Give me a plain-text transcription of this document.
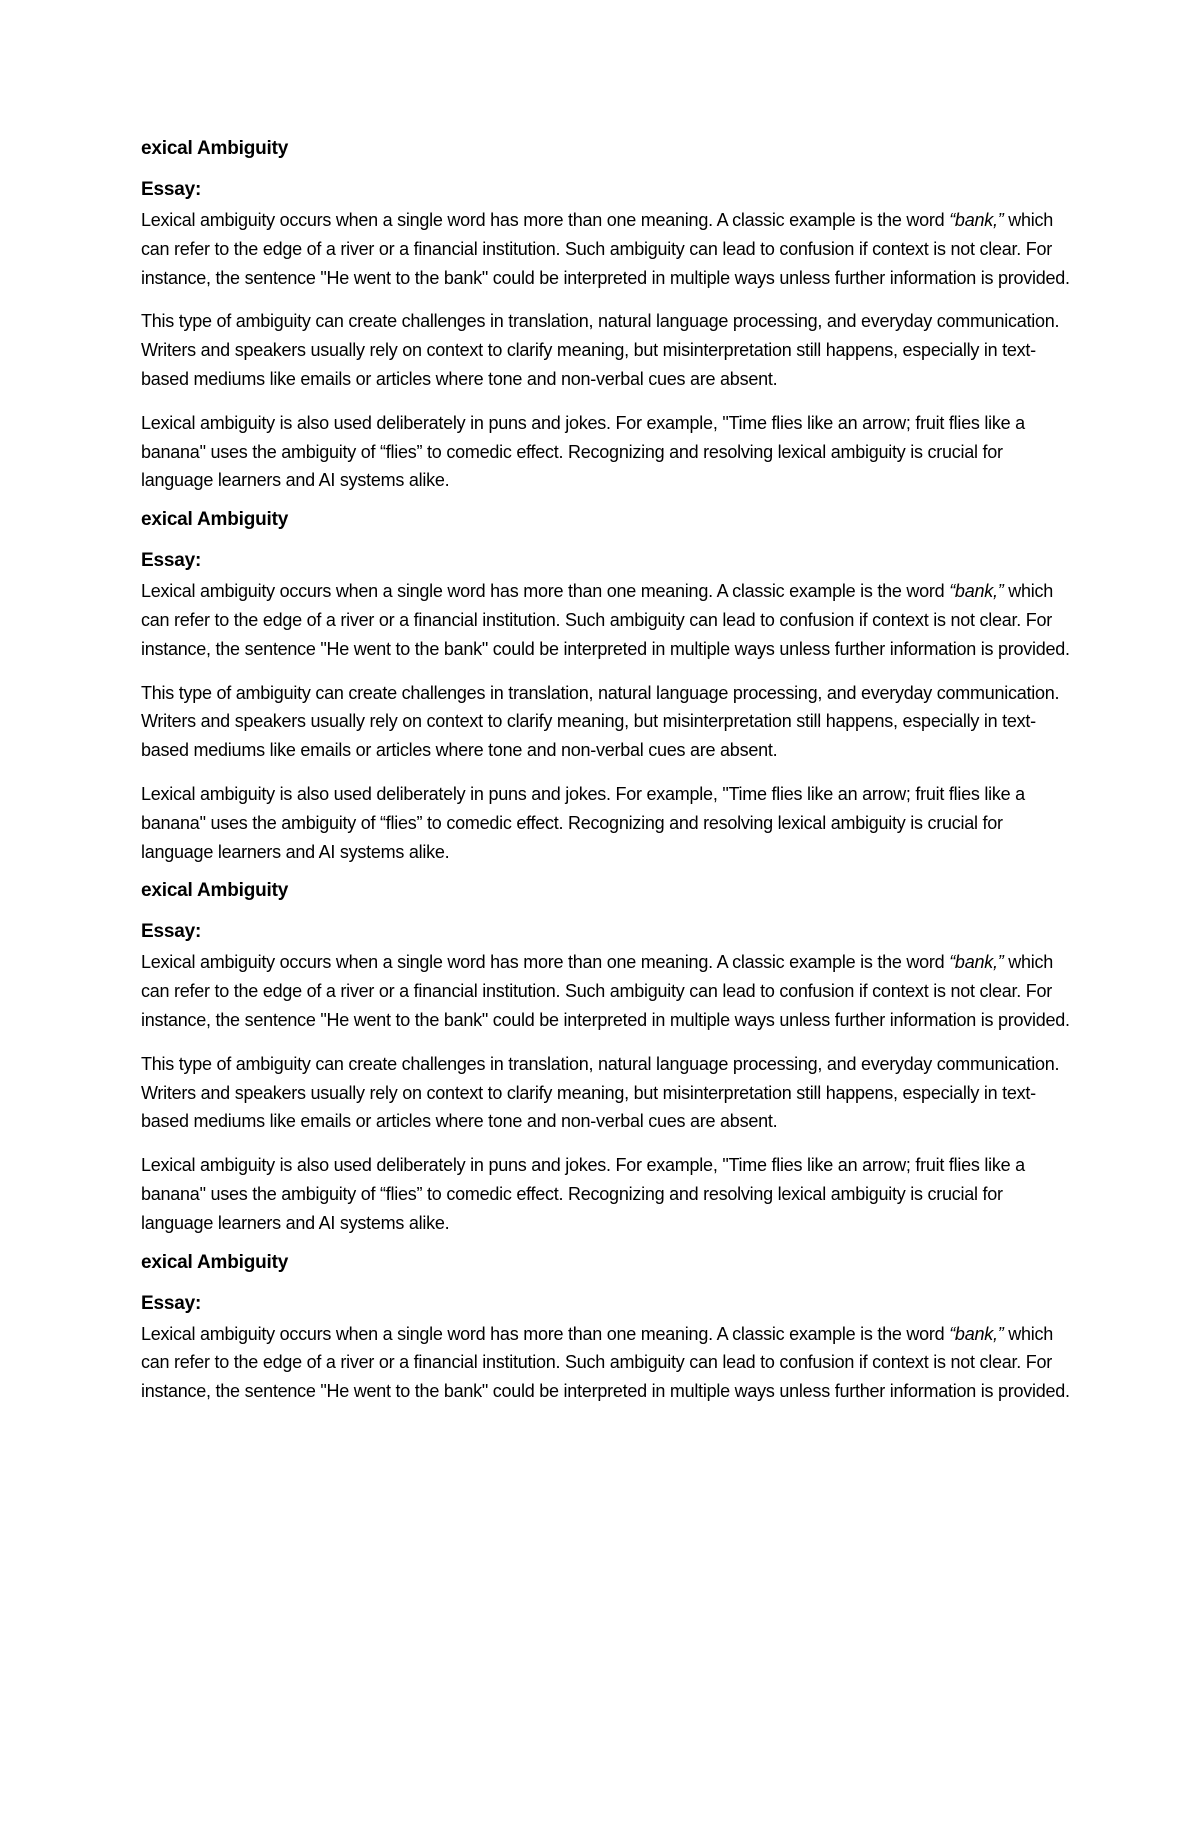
exical Ambiguity
Essay:

Lexical ambiguity occurs when a single word has more than one meaning. A classic example is the word “bank,” which can refer to the edge of a river or a financial institution. Such ambiguity can lead to confusion if context is not clear. For instance, the sentence "He went to the bank" could be interpreted in multiple ways unless further information is provided.

This type of ambiguity can create challenges in translation, natural language processing, and everyday communication. Writers and speakers usually rely on context to clarify meaning, but misinterpretation still happens, especially in text-based mediums like emails or articles where tone and non-verbal cues are absent.

Lexical ambiguity is also used deliberately in puns and jokes. For example, "Time flies like an arrow; fruit flies like a banana" uses the ambiguity of “flies” to comedic effect. Recognizing and resolving lexical ambiguity is crucial for language learners and AI systems alike.

exical Ambiguity
Essay:

Lexical ambiguity occurs when a single word has more than one meaning. A classic example is the word “bank,” which can refer to the edge of a river or a financial institution. Such ambiguity can lead to confusion if context is not clear. For instance, the sentence "He went to the bank" could be interpreted in multiple ways unless further information is provided.

This type of ambiguity can create challenges in translation, natural language processing, and everyday communication. Writers and speakers usually rely on context to clarify meaning, but misinterpretation still happens, especially in text-based mediums like emails or articles where tone and non-verbal cues are absent.

Lexical ambiguity is also used deliberately in puns and jokes. For example, "Time flies like an arrow; fruit flies like a banana" uses the ambiguity of “flies” to comedic effect. Recognizing and resolving lexical ambiguity is crucial for language learners and AI systems alike.

exical Ambiguity
Essay:

Lexical ambiguity occurs when a single word has more than one meaning. A classic example is the word “bank,” which can refer to the edge of a river or a financial institution. Such ambiguity can lead to confusion if context is not clear. For instance, the sentence "He went to the bank" could be interpreted in multiple ways unless further information is provided.

This type of ambiguity can create challenges in translation, natural language processing, and everyday communication. Writers and speakers usually rely on context to clarify meaning, but misinterpretation still happens, especially in text-based mediums like emails or articles where tone and non-verbal cues are absent.

Lexical ambiguity is also used deliberately in puns and jokes. For example, "Time flies like an arrow; fruit flies like a banana" uses the ambiguity of “flies” to comedic effect. Recognizing and resolving lexical ambiguity is crucial for language learners and AI systems alike.

exical Ambiguity
Essay:

Lexical ambiguity occurs when a single word has more than one meaning. A classic example is the word “bank,” which can refer to the edge of a river or a financial institution. Such ambiguity can lead to confusion if context is not clear. For instance, the sentence "He went to the bank" could be interpreted in multiple ways unless further information is provided.
